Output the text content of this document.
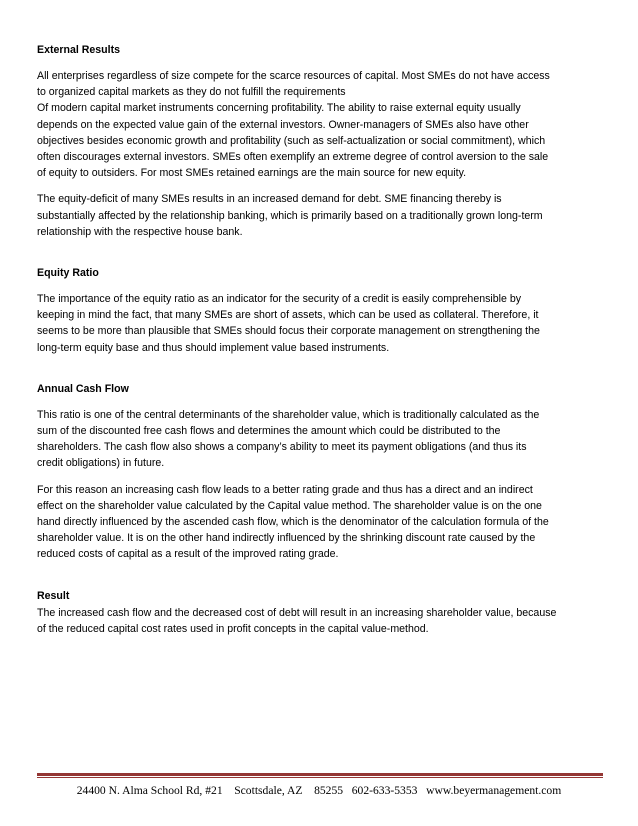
External Results

All enterprises regardless of size compete for the scarce resources of capital. Most SMEs do not have access
to organized capital markets as they do not fulfill the requirements
Of modern capital market instruments concerning profitability. The ability to raise external equity usually
depends on the expected value gain of the external investors. Owner-managers of SMEs also have other
objectives besides economic growth and profitability (such as self-actualization or social commitment), which
often discourages external investors. SMEs often exemplify an extreme degree of control aversion to the sale
of equity to outsiders. For most SMEs retained earnings are the main source for new equity.

The equity-deficit of many SMEs results in an increased demand for debt. SME financing thereby is
substantially affected by the relationship banking, which is primarily based on a traditionally grown long-term
relationship with the respective house bank.

Equity Ratio

The importance of the equity ratio as an indicator for the security of a credit is easily comprehensible by
keeping in mind the fact, that many SMEs are short of assets, which can be used as collateral. Therefore, it
seems to be more than plausible that SMEs should focus their corporate management on strengthening the
long-term equity base and thus should implement value based instruments.

Annual Cash Flow

This ratio is one of the central determinants of the shareholder value, which is traditionally calculated as the
sum of the discounted free cash flows and determines the amount which could be distributed to the
shareholders. The cash flow also shows a company’s ability to meet its payment obligations (and thus its
credit obligations) in future.

For this reason an increasing cash flow leads to a better rating grade and thus has a direct and an indirect
effect on the shareholder value calculated by the Capital value method. The shareholder value is on the one
hand directly influenced by the ascended cash flow, which is the denominator of the calculation formula of the
shareholder value. It is on the other hand indirectly influenced by the shrinking discount rate caused by the
reduced costs of capital as a result of the improved rating grade.

Result

The increased cash flow and the decreased cost of debt will result in an increasing shareholder value, because
of the reduced capital cost rates used in profit concepts in the capital value-method.

24400 N. Alma School Rd, #21    Scottsdale, AZ    85255   602-633-5353   www.beyermanagement.com
